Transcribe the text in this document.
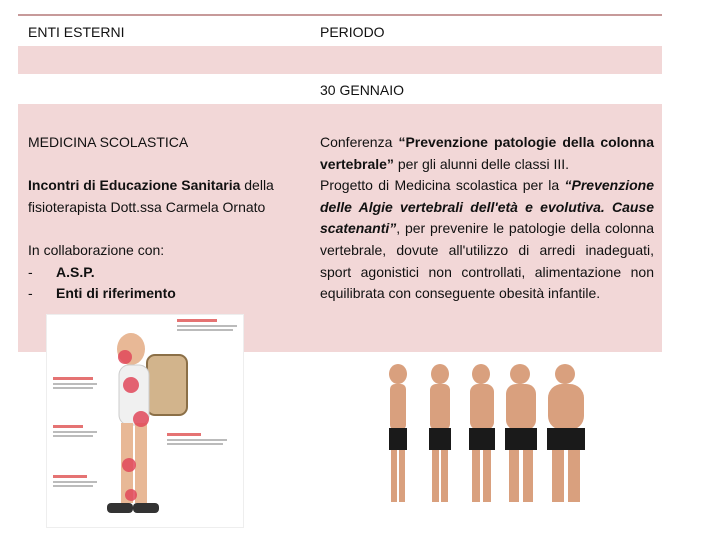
ENTI ESTERNI	PERIODO
30 GENNAIO
MEDICINA SCOLASTICA
Incontri di Educazione Sanitaria della fisioterapista Dott.ssa Carmela Ornato
In collaborazione con:
- A.S.P.
- Enti di riferimento
Conferenza “Prevenzione patologie della colonna vertebrale” per gli alunni delle classi III.
Progetto di Medicina scolastica per la “Prevenzione delle Algie vertebrali dell'età e evolutiva. Cause scatenanti”, per prevenire le patologie della colonna vertebrale, dovute all'utilizzo di arredi inadeguati, sport agonistici non controllati, alimentazione non equilibrata con conseguente obesità infantile.
